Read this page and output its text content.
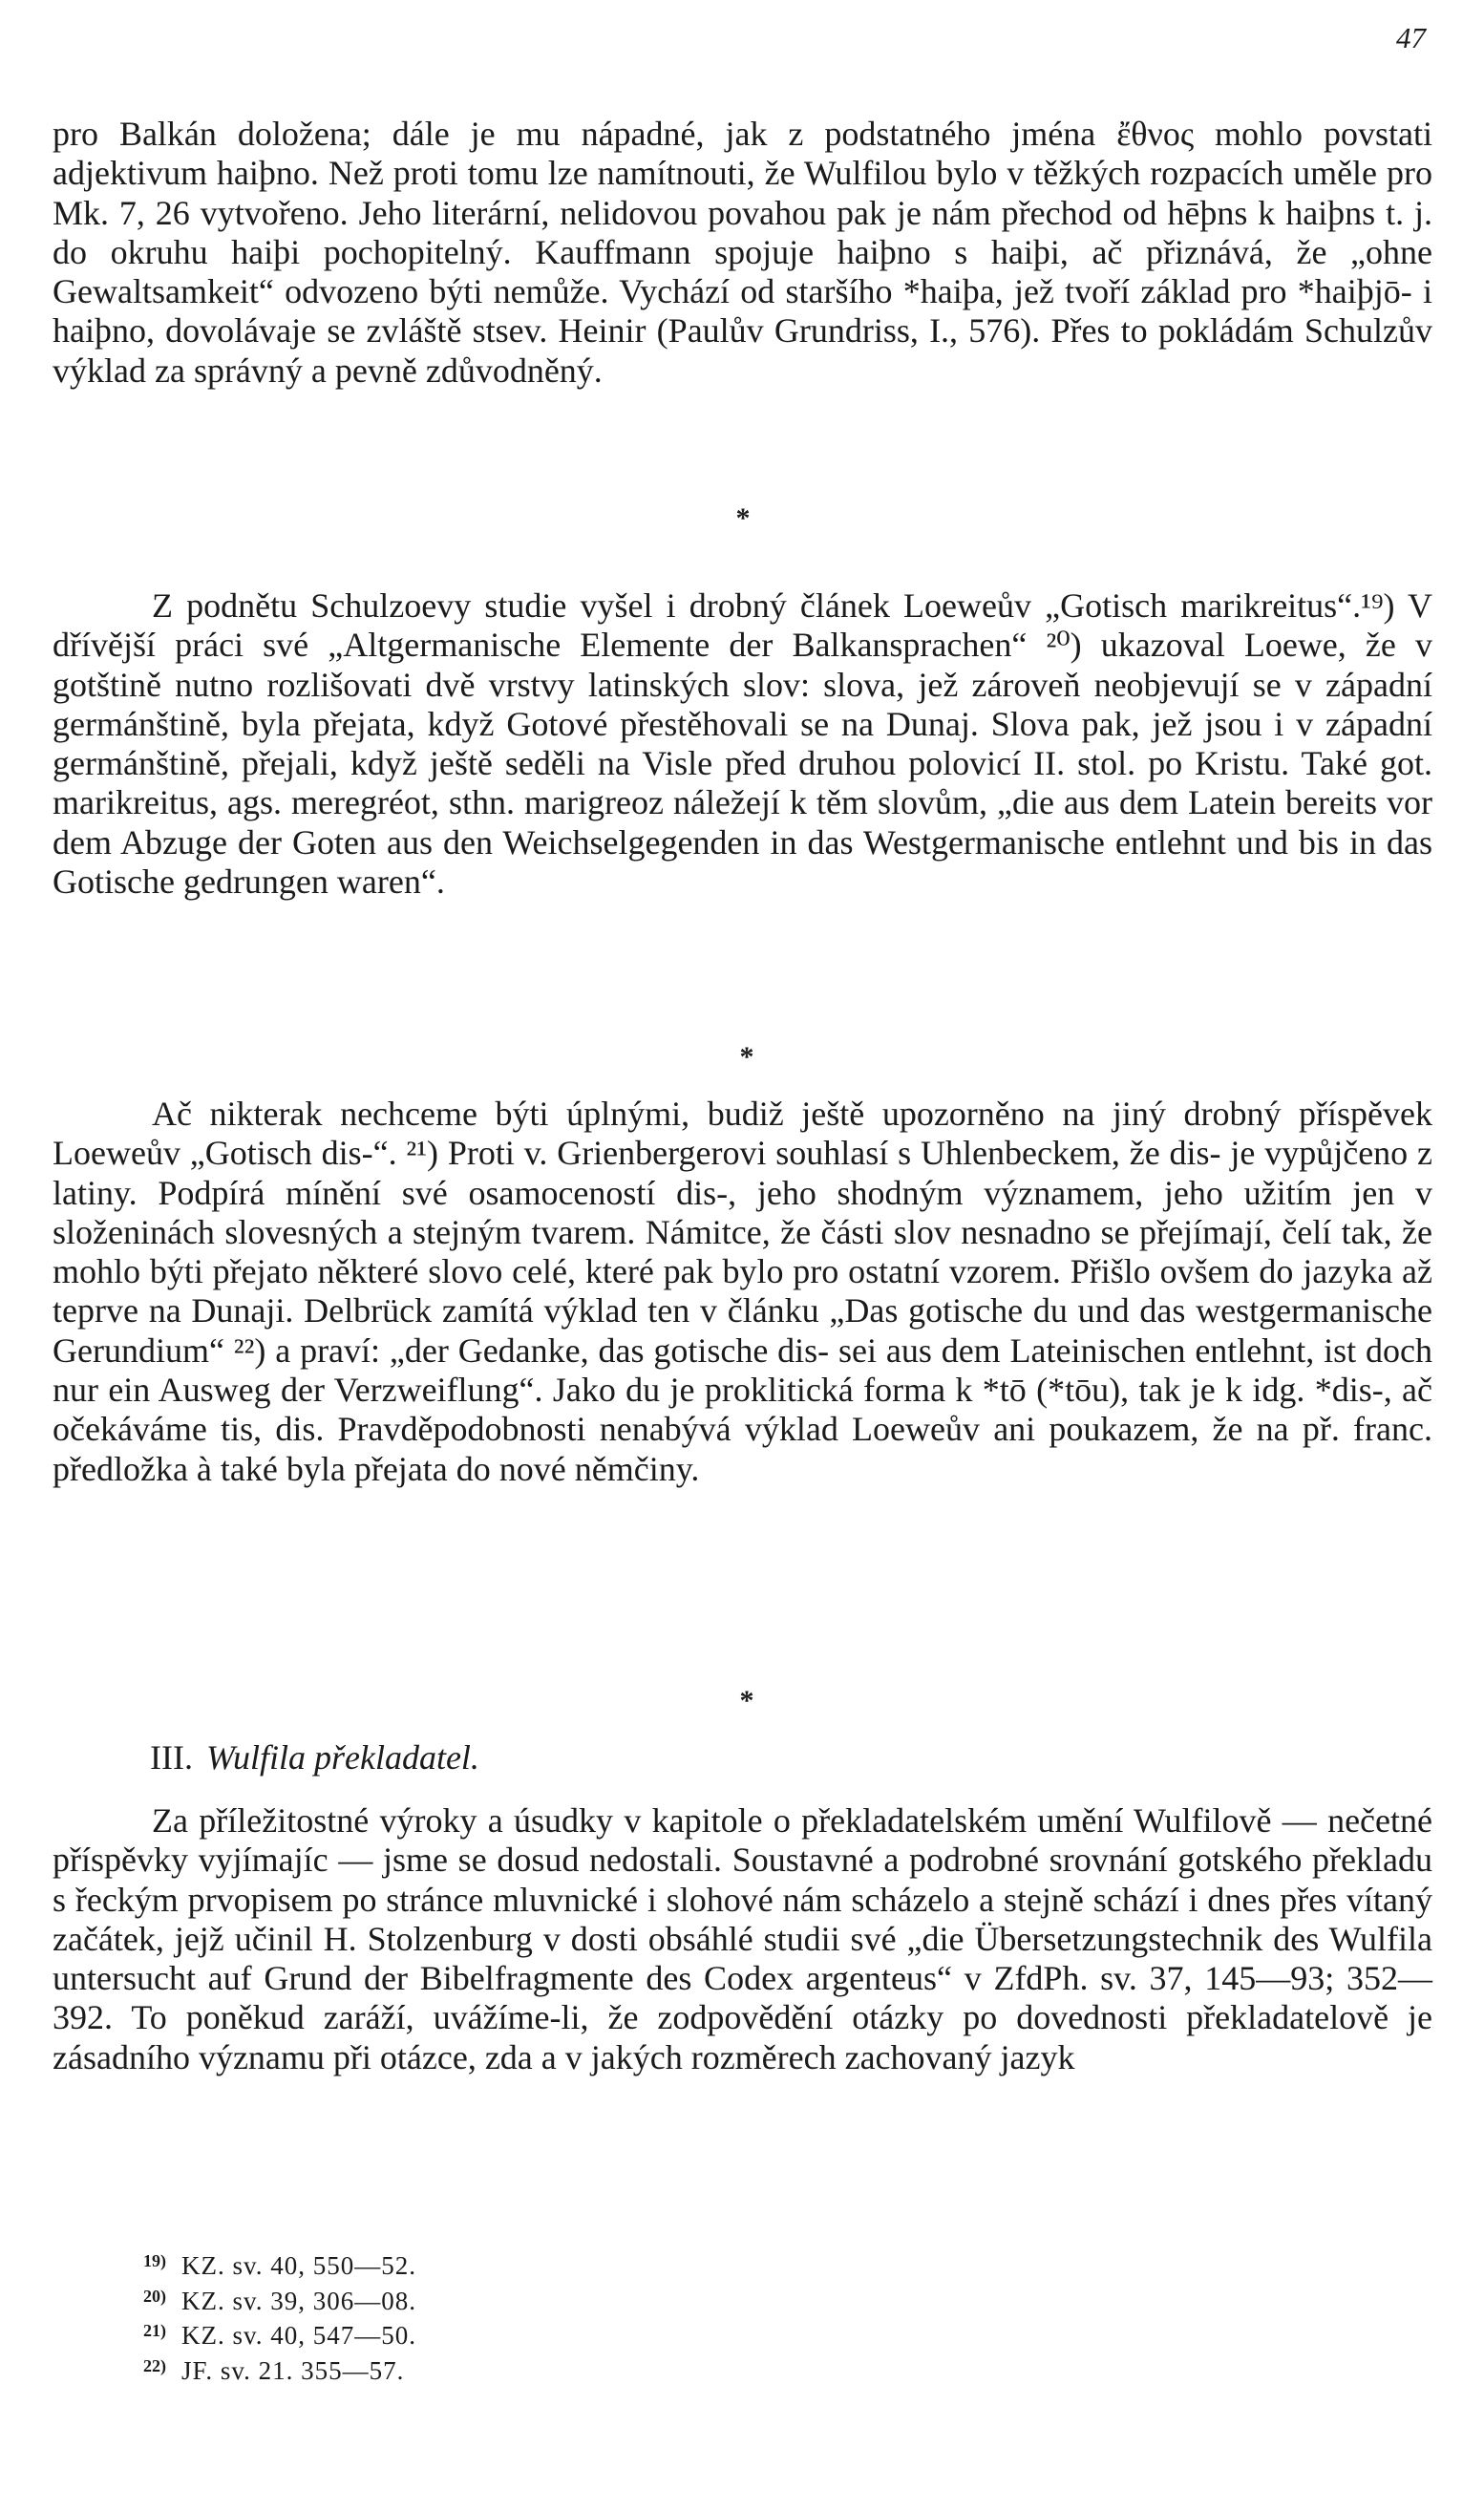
47

pro Balkán doložena; dále je mu nápadné, jak z podstatného jména ἔθνος mohlo povstati adjektivum haiþno. Než proti tomu lze namítnouti, že Wulfilou bylo v těžkých rozpacích uměle pro Mk. 7, 26 vytvořeno. Jeho literární, nelidovou povahou pak je nám přechod od hēþns k haiþns t. j. do okruhu haiþi pochopitelný. Kauffmann spojuje haiþno s haiþi, ač přiznává, že „ohne Gewaltsamkeit“ odvozeno býti nemůže. Vychází od staršího *haiþa, jež tvoří základ pro *haiþjō- i haiþno, dovolávaje se zvláště stsev. Heinir (Paulův Grundriss, I., 576). Přes to pokládám Schulzův výklad za správný a pevně zdůvodněný.

*

Z podnětu Schulzoevy studie vyšel i drobný článek Loeweův „Gotisch marikreitus“.¹⁹) V dřívější práci své „Altgermanische Elemente der Balkansprachen“ ²⁰) ukazoval Loewe, že v gotštině nutno rozlišovati dvě vrstvy latinských slov: slova, jež zároveň neobjevují se v západní germánštině, byla přejata, když Gotové přestěhovali se na Dunaj. Slova pak, jež jsou i v západní germánštině, přejali, když ještě seděli na Visle před druhou polovicí II. stol. po Kristu. Také got. marikreitus, ags. meregréot, sthn. marigreoz náležejí k těm slovům, „die aus dem Latein bereits vor dem Abzuge der Goten aus den Weichselgegenden in das Westgermanische entlehnt und bis in das Gotische gedrungen waren“.

*

Ač nikterak nechceme býti úplnými, budiž ještě upozorněno na jiný drobný příspěvek Loeweův „Gotisch dis-“. ²¹) Proti v. Grienbergerovi souhlasí s Uhlenbeckem, že dis- je vypůjčeno z latiny. Podpírá mínění své osamoceností dis-, jeho shodným významem, jeho užitím jen v složeninách slovesných a stejným tvarem. Námitce, že části slov nesnadno se přejímají, čelí tak, že mohlo býti přejato některé slovo celé, které pak bylo pro ostatní vzorem. Přišlo ovšem do jazyka až teprve na Dunaji. Delbrück zamítá výklad ten v článku „Das gotische du und das westgermanische Gerundium“ ²²) a praví: „der Gedanke, das gotische dis- sei aus dem Lateinischen entlehnt, ist doch nur ein Ausweg der Verzweiflung“. Jako du je proklitická forma k *tō (*tōu), tak je k idg. *dis-, ač očekáváme tis, dis. Pravděpodobnosti nenabývá výklad Loeweův ani poukazem, že na př. franc. předložka à také byla přejata do nové němčiny.

*
III. Wulfila překladatel.

Za příležitostné výroky a úsudky v kapitole o překladatelském umění Wulfilově — nečetné příspěvky vyjímajíc — jsme se dosud nedostali. Soustavné a podrobné srovnání gotského překladu s řeckým prvopisem po stránce mluvnické i slohové nám scházelo a stejně schází i dnes přes vítaný začátek, jejž učinil H. Stolzenburg v dosti obsáhlé studii své „die Übersetzungstechnik des Wulfila untersucht auf Grund der Bibelfragmente des Codex argenteus“ v ZfdPh. sv. 37, 145—93; 352—392. To poněkud zaráží, uvážíme-li, že zodpovědění otázky po dovednosti překladatelově je zásadního významu při otázce, zda a v jakých rozměrech zachovaný jazyk

19) KZ. sv. 40, 550—52.
20) KZ. sv. 39, 306—08.
21) KZ. sv. 40, 547—50.
22) JF. sv. 21. 355—57.
